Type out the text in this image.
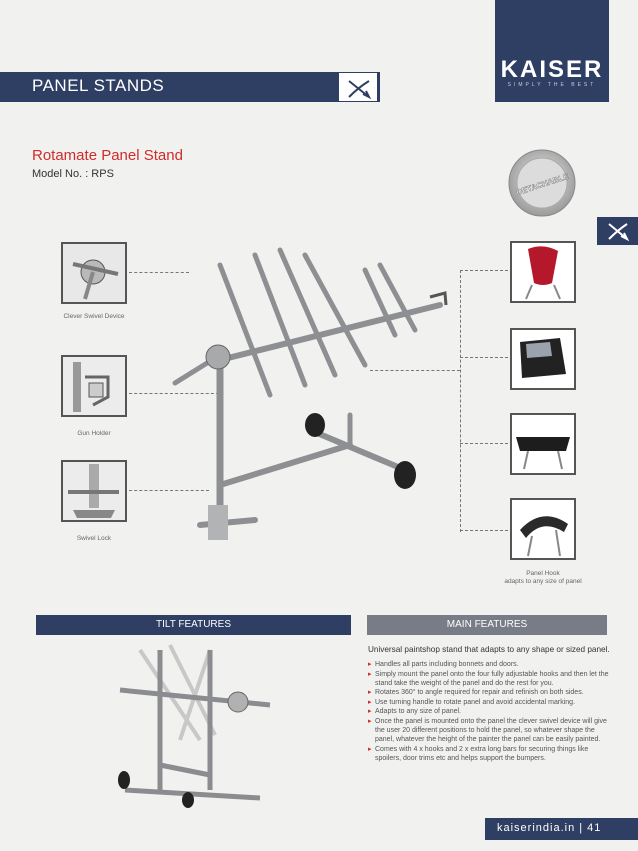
PANEL STANDS
KAISER
SIMPLY THE BEST
Rotamate Panel Stand
Model No. : RPS	DETACHABLE
Clever Swivel Device
Gun Holder
Swivel Lock
Panel Hook
adapts to any size of panel
TILT FEATURES	MAIN FEATURES
Universal paintshop stand that adapts to any shape or sized panel.
▸ Handles all parts including bonnets and doors.
▸ Simply mount the panel onto the four fully adjustable hooks and then let the stand take the weight of the panel and do the rest for you.
▸ Rotates 360° to angle required for repair and refinish on both sides.
▸ Use turning handle to rotate panel and avoid accidental marking.
▸ Adapts to any size of panel.
▸ Once the panel is mounted onto the panel the clever swivel device will give the user 20 different positions to hold the panel, so whatever shape the panel, whatever the height of the painter the panel can be easily painted.
▸ Comes with 4 x hooks and 2 x extra long bars for securing things like spoilers, door trims etc and helps support the bumpers.
kaiserindia.in | 41
